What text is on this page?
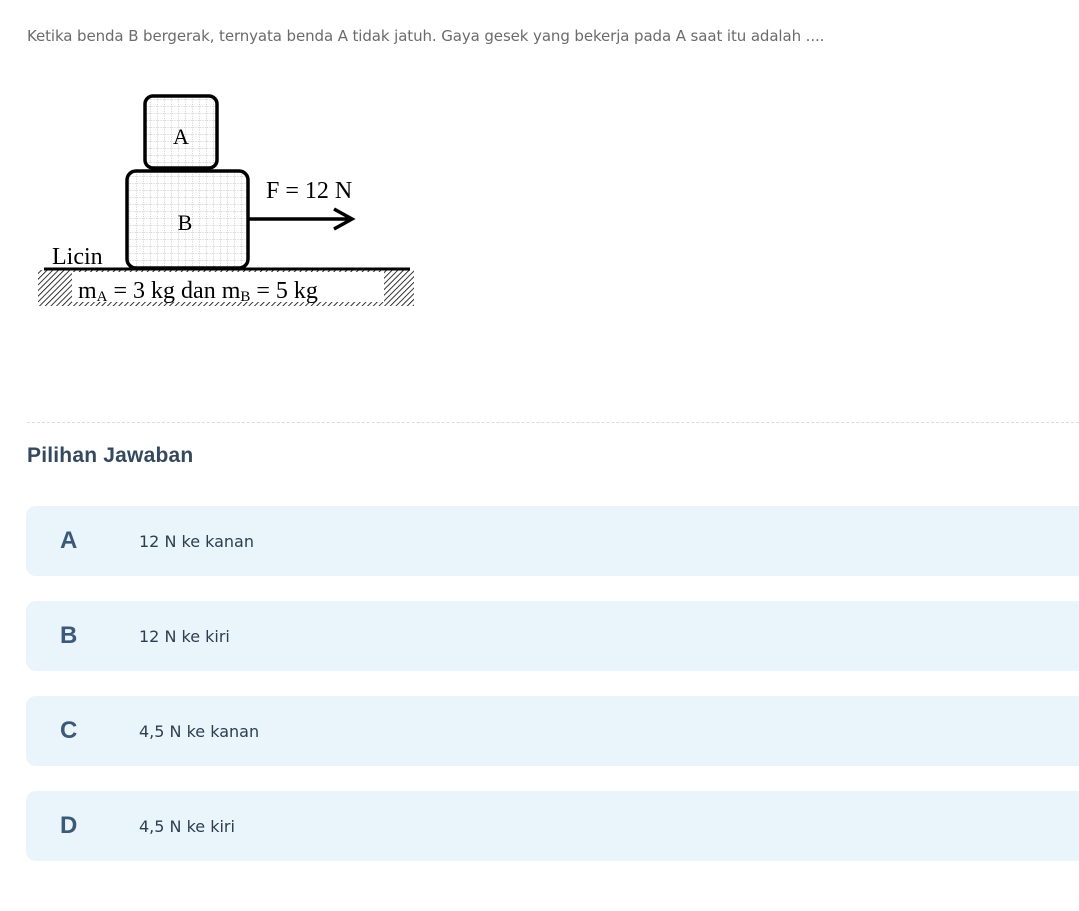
Ketika benda B bergerak, ternyata benda A tidak jatuh. Gaya gesek yang bekerja pada A saat itu adalah ....
A
B
F = 12 N
Licin
mA = 3 kg dan mB = 5 kg
Pilihan Jawaban
A	12 N ke kanan
B	12 N ke kiri
C	4,5 N ke kanan
D	4,5 N ke kiri
